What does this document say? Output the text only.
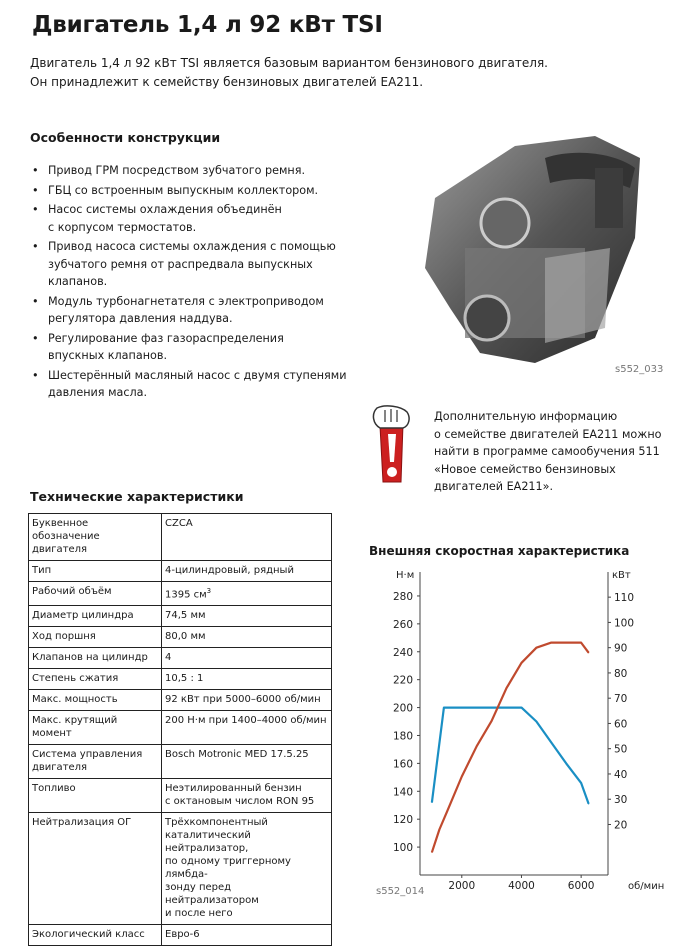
Двигатель 1,4 л 92 кВт TSI
Двигатель 1,4 л 92 кВт TSI является базовым вариантом бензинового двигателя.
Он принадлежит к семейству бензиновых двигателей EA211.
Особенности конструкции
• Привод ГРМ посредством зубчатого ремня.
• ГБЦ со встроенным выпускным коллектором.
• Насос системы охлаждения объединён
с корпусом термостатов.
• Привод насоса системы охлаждения с помощью
зубчатого ремня от распредвала выпускных
клапанов.
• Модуль турбонагнетателя с электроприводом
регулятора давления наддува.
• Регулирование фаз газораспределения
впускных клапанов.
• Шестерённый масляный насос с двумя ступенями
давления масла.
s552_033
Дополнительную информацию
о семействе двигателей EA211 можно
найти в программе самообучения 511
«Новое семейство бензиновых
двигателей EA211».
Технические характеристики
Буквенное обозначение
двигателя	CZCA
Тип	4-цилиндровый, рядный
Рабочий объём	1395 $см^3$
Диаметр цилиндра	74,5 мм
Ход поршня	80,0 мм
Клапанов на цилиндр	4
Степень сжатия	10,5 : 1
Макс. мощность	92 кВт при 5000–6000 об/мин
Макс. крутящий момент	200 Н·м при 1400–4000 об/мин
Система управления
двигателя	Bosch Motronic MED 17.5.25
Топливо	Неэтилированный бензин
с октановым числом RON 95
Нейтрализация ОГ	Трёхкомпонентный
каталитический нейтрализатор,
по одному триггерному лямбда-
зонду перед нейтрализатором
и после него
Экологический класс	Евро-6
Внешняя скоростная характеристика
Н·м	кВт
100
120
140
160
180
200
220
240
260
280
20
30
40
50
60
70
80
90
100
110
2000	4000	6000	об/мин
s552_014
